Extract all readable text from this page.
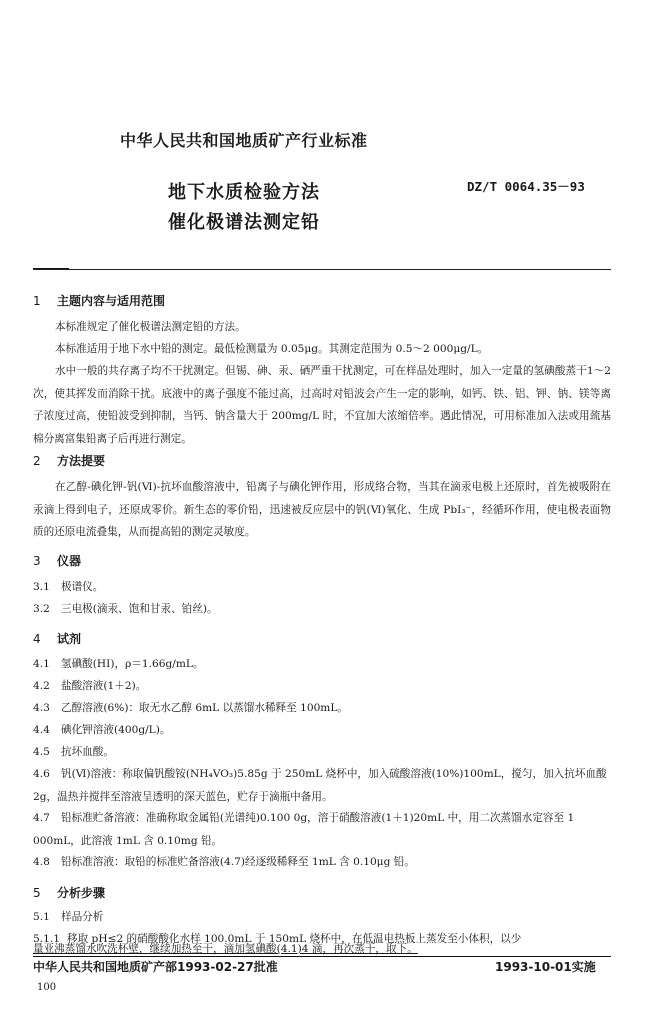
中华人民共和国地质矿产行业标准
地下水质检验方法
催化极谱法测定铅
DZ/T 0064.35－93
1 主题内容与适用范围
本标准规定了催化极谱法测定铅的方法。
本标准适用于地下水中铅的测定。最低检测量为 0.05μg。其测定范围为 0.5～2 000μg/L。
水中一般的共存离子均不干扰测定。但锡、砷、汞、硒严重干扰测定，可在样品处理时，加入一定量的氢碘酸蒸干1～2次，使其挥发而消除干扰。底液中的离子强度不能过高，过高时对铅波会产生一定的影响，如钙、铁、铝、钾、钠、镁等离子浓度过高，使铅波受到抑制，当钙、钠含量大于 200mg/L 时，不宜加大浓缩倍率。遇此情况，可用标准加入法或用巯基棉分离富集铅离子后再进行测定。
2 方法提要
在乙醇-碘化钾-钒(Ⅵ)-抗坏血酸溶液中，铅离子与碘化钾作用，形成络合物，当其在滴汞电极上还原时，首先被吸附在汞滴上得到电子，还原成零价。新生态的零价铅，迅速被反应层中的钒(Ⅵ)氧化、生成 PbI₃⁻，经循环作用，使电极表面物质的还原电流叠集，从而提高铅的测定灵敏度。
3 仪器
3.1 极谱仪。
3.2 三电极(滴汞、饱和甘汞、铂丝)。
4 试剂
4.1 氢碘酸(HI)，ρ＝1.66g/mL。
4.2 盐酸溶液(1＋2)。
4.3 乙醇溶液(6%)：取无水乙醇 6mL 以蒸馏水稀释至 100mL。
4.4 碘化钾溶液(400g/L)。
4.5 抗坏血酸。
4.6 钒(Ⅵ)溶液：称取偏钒酸铵(NH₄VO₃)5.85g 于 250mL 烧杯中，加入硫酸溶液(10%)100mL，搅匀，加入抗坏血酸 2g，温热并搅拌至溶液呈透明的深天蓝色，贮存于滴瓶中备用。
4.7 铅标准贮备溶液：准确称取金属铅(光谱纯)0.100 0g，溶于硝酸溶液(1＋1)20mL 中，用二次蒸馏水定容至 1 000mL，此溶液 1mL 含 0.10mg 铅。
4.8 铅标准溶液：取铅的标准贮备溶液(4.7)经逐级稀释至 1mL 含 0.10μg 铅。
5 分析步骤
5.1 样品分析
5.1.1 移取 pH≤2 的硝酸酸化水样 100.0mL 于 150mL 烧杯中，在低温电热板上蒸发至小体积，以少
量亚沸蒸馏水吹洗杯壁，继续加热至干，滴加氢碘酸(4.1)4 滴，再次蒸干，取下。
中华人民共和国地质矿产部1993-02-27批准	1993-10-01实施
100
